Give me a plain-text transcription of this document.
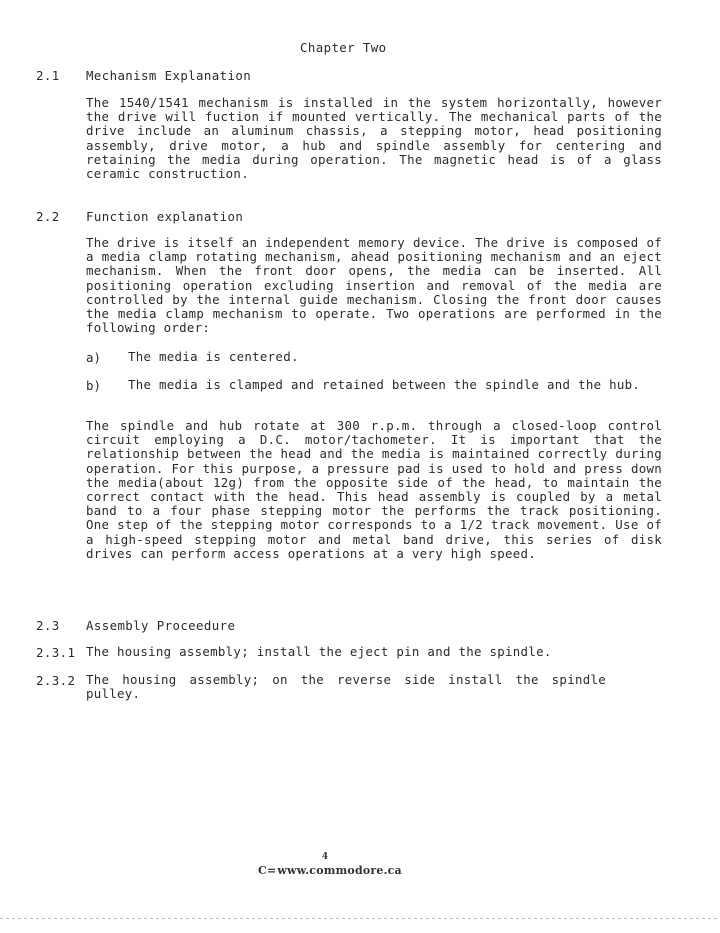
Chapter Two
2.1 Mechanism Explanation
The 1540/1541 mechanism is installed in the system horizontally, however the drive will fuction if mounted vertically. The mechanical parts of the drive include an aluminum chassis, a stepping motor, head positioning assembly, drive motor, a hub and spindle assembly for centering and retaining the media during operation. The magnetic head is of a glass ceramic construction.
2.2 Function explanation
The drive is itself an independent memory device. The drive is composed of a media clamp rotating mechanism, ahead positioning mechanism and an eject mechanism. When the front door opens, the media can be inserted. All positioning operation excluding insertion and removal of the media are controlled by the internal guide mechanism. Closing the front door causes the media clamp mechanism to operate. Two operations are performed in the following order:
a) The media is centered.
b) The media is clamped and retained between the spindle and the hub.
The spindle and hub rotate at 300 r.p.m. through a closed-loop control circuit employing a D.C. motor/tachometer. It is important that the relationship between the head and the media is maintained correctly during operation. For this purpose, a pressure pad is used to hold and press down the media(about 12g) from the opposite side of the head, to maintain the correct contact with the head. This head assembly is coupled by a metal band to a four phase stepping motor the performs the track positioning. One step of the stepping motor corresponds to a 1/2 track movement. Use of a high-speed stepping motor and metal band drive, this series of disk drives can perform access operations at a very high speed.
2.3 Assembly Proceedure
2.3.1 The housing assembly; install the eject pin and the spindle.
2.3.2 The housing assembly; on the reverse side install the spindle pulley.
4
C=www.commodore.ca
